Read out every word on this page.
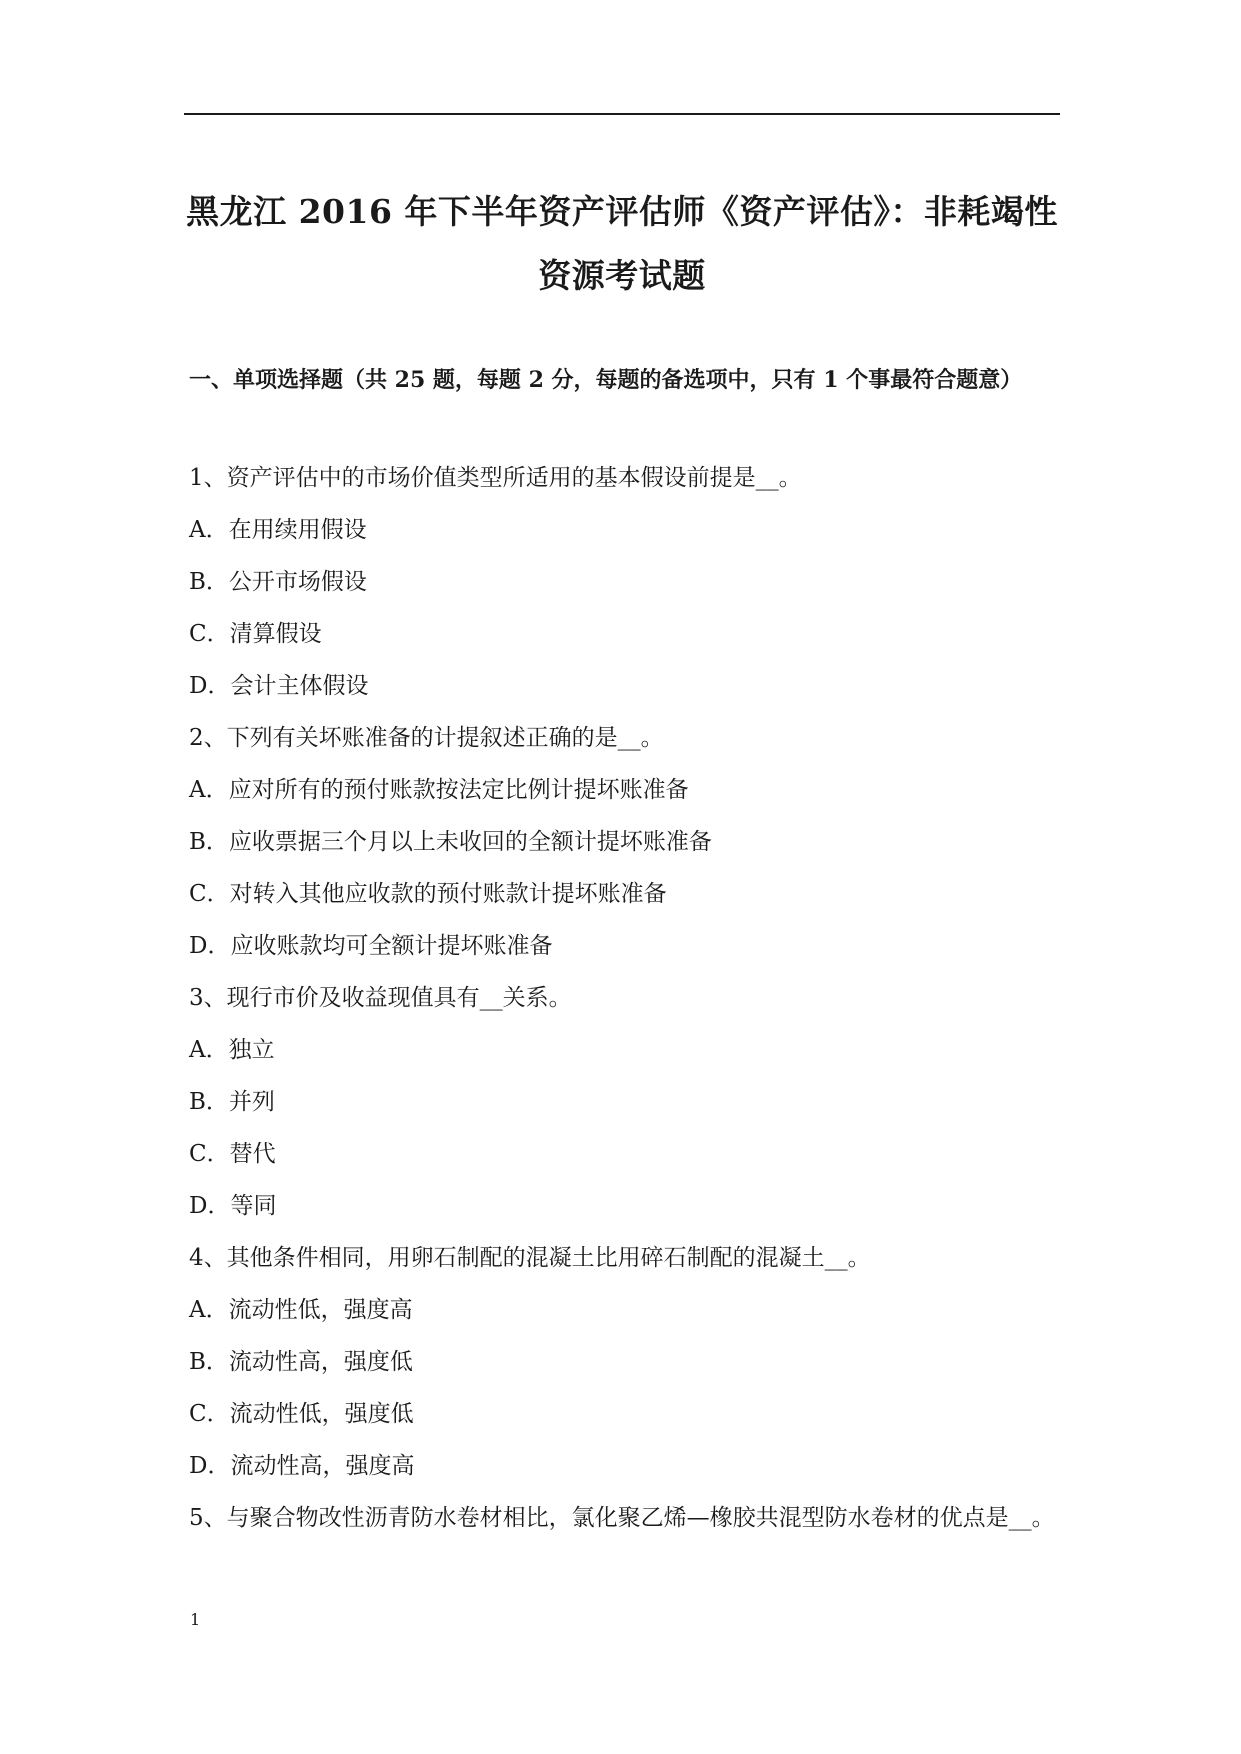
黑龙江 2016 年下半年资产评估师《资产评估》：非耗竭性资源考试题
一、单项选择题（共 25 题，每题 2 分，每题的备选项中，只有 1 个事最符合题意）
1、资产评估中的市场价值类型所适用的基本假设前提是__。
A．在用续用假设
B．公开市场假设
C．清算假设
D．会计主体假设
2、下列有关坏账准备的计提叙述正确的是__。
A．应对所有的预付账款按法定比例计提坏账准备
B．应收票据三个月以上未收回的全额计提坏账准备
C．对转入其他应收款的预付账款计提坏账准备
D．应收账款均可全额计提坏账准备
3、现行市价及收益现值具有__关系。
A．独立
B．并列
C．替代
D．等同
4、其他条件相同，用卵石制配的混凝土比用碎石制配的混凝土__。
A．流动性低，强度高
B．流动性高，强度低
C．流动性低，强度低
D．流动性高，强度高
5、与聚合物改性沥青防水卷材相比，氯化聚乙烯—橡胶共混型防水卷材的优点是__。
1
